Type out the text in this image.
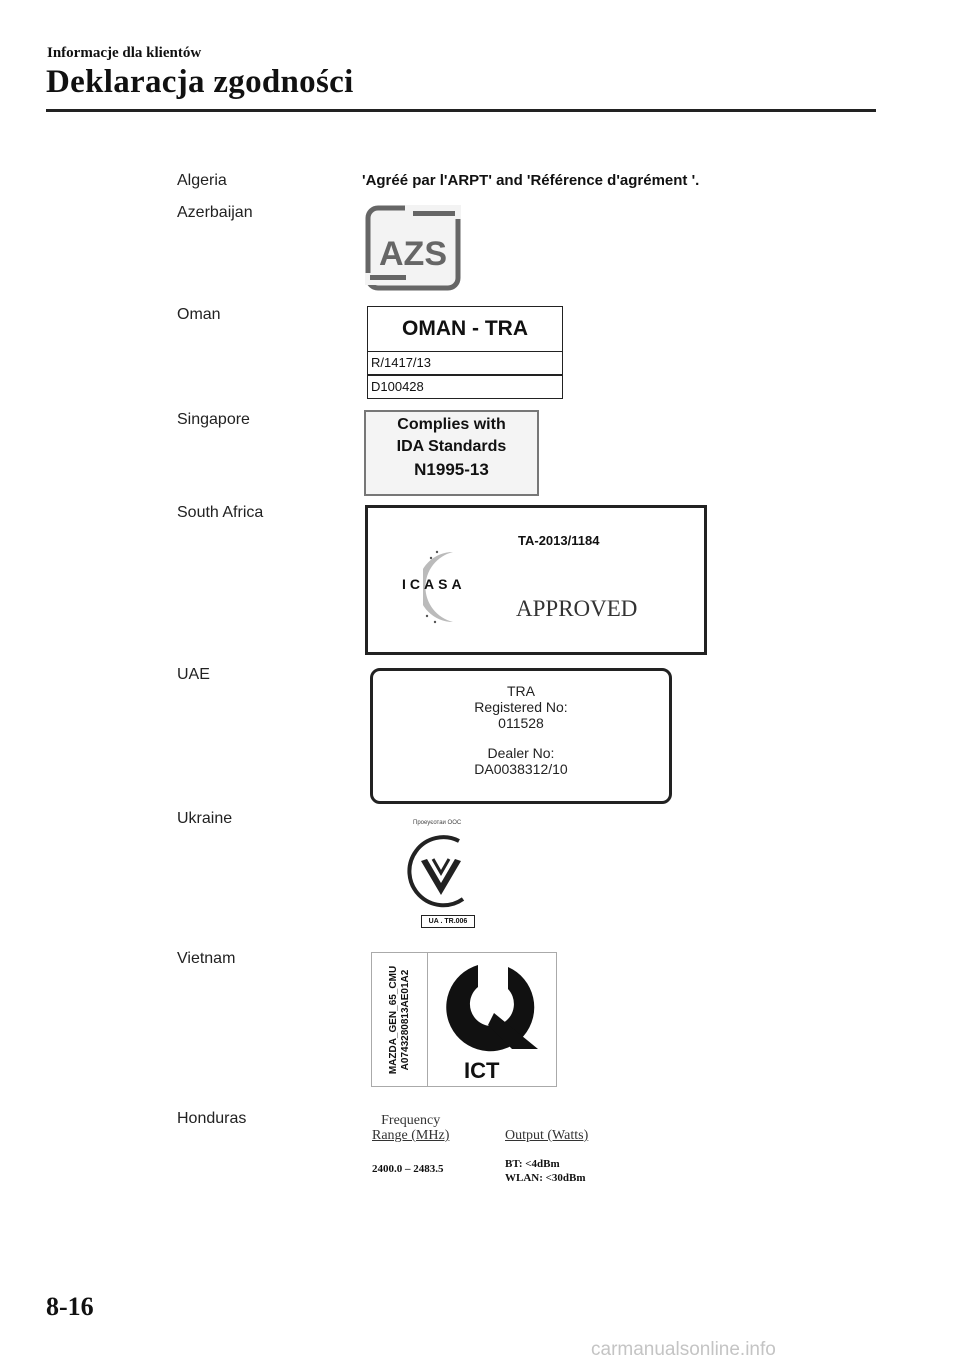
Informacje dla klientów
Deklaracja zgodności
Algeria	'Agréé par l'ARPT' and 'Référence d'agrément '.
Azerbaijan
AZS
Oman
OMAN - TRA
R/1417/13
D100428
Singapore	Complies with
IDA Standards
N1995-13
South Africa
TA-2013/1184
ICASA
APPROVED
UAE
TRA
Registered No:
011528
Dealer No:
DA0038312/10
Ukraine	Проеуєотаи ООС
UA . TR.006
Vietnam
MAZDA_GEN_65_CMU A0743280813AE01A2
ICT
Honduras	Frequency
Range (MHz)	Output (Watts)
2400.0 – 2483.5	BT: <4dBm
WLAN: <30dBm
8-16
carmanualsonline.info
